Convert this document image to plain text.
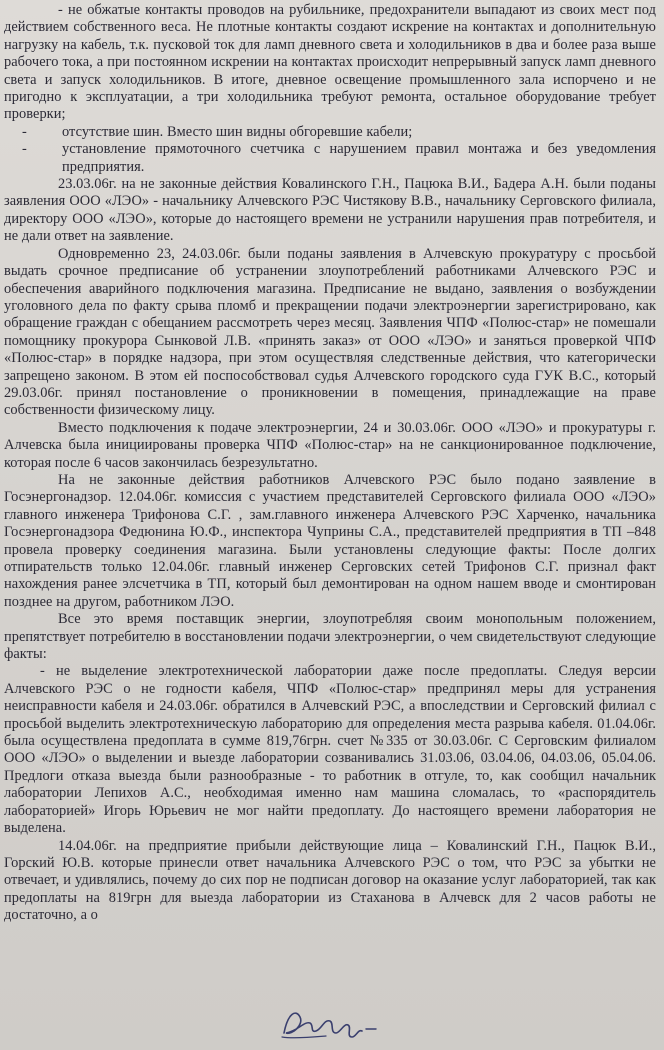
- не обжатые контакты проводов на рубильнике, предохранители выпадают из своих мест под действием собственного веса. Не плотные контакты создают искрение на контактах и дополнительную нагрузку на кабель, т.к. пусковой ток для ламп дневного света и холодильников в два и более раза выше рабочего тока, а при постоянном искрении на контактах происходит непрерывный запуск ламп дневного света и запуск холодильников. В итоге, дневное освещение промышленного зала испорчено и не пригодно к эксплуатации, а три холодильника требуют ремонта, остальное оборудование требует проверки;

- отсутствие шин. Вместо шин видны обгоревшие кабели;
- установление прямоточного счетчика с нарушением правил монтажа и без уведомления предприятия.

23.03.06г. на не законные действия Ковалинского Г.Н., Пацюка В.И., Бадера А.Н. были поданы заявления ООО «ЛЭО» - начальнику Алчевского РЭС Чистякову В.В., начальнику Серговского филиала, директору ООО «ЛЭО», которые до настоящего времени не устранили нарушения прав потребителя, и не дали ответ на заявление.

Одновременно 23, 24.03.06г. были поданы заявления в Алчевскую прокуратуру с просьбой выдать срочное предписание об устранении злоупотреблений работниками Алчевского РЭС и обеспечения аварийного подключения магазина. Предписание не выдано, заявления о возбуждении уголовного дела по факту срыва пломб и прекращении подачи электроэнергии зарегистрировано, как обращение граждан с обещанием рассмотреть через месяц. Заявления ЧПФ «Полюс-стар» не помешали помощнику прокурора Сынковой Л.В. «принять заказ» от ООО «ЛЭО» и заняться проверкой ЧПФ «Полюс-стар» в порядке надзора, при этом осуществляя следственные действия, что категорически запрещено законом. В этом ей поспособствовал судья Алчевского городского суда ГУК В.С., который 29.03.06г. принял постановление о проникновении в помещения, принадлежащие на праве собственности физическому лицу.

Вместо подключения к подаче электроэнергии, 24 и 30.03.06г. ООО «ЛЭО» и прокуратуры г. Алчевска была инициированы проверка ЧПФ «Полюс-стар» на не санкционированное подключение, которая после 6 часов закончилась безрезультатно.

На не законные действия работников Алчевского РЭС было подано заявление в Госэнергонадзор. 12.04.06г. комиссия с участием представителей Серговского филиала ООО «ЛЭО» главного инженера Трифонова С.Г. , зам.главного инженера Алчевского РЭС Харченко, начальника Госэнергонадзора Федюнина Ю.Ф., инспектора Чуприны С.А., представителей предприятия в ТП –848 провела проверку соединения магазина. Были установлены следующие факты: После долгих отпирательств только 12.04.06г. главный инженер Серговских сетей Трифонов С.Г. признал факт нахождения ранее элсчетчика в ТП, который был демонтирован на одном нашем вводе и смонтирован позднее на другом, работником ЛЭО.

Все это время поставщик энергии, злоупотребляя своим монопольным положением, препятствует потребителю в восстановлении подачи электроэнергии, о чем свидетельствуют следующие факты:

- не выделение электротехнической лаборатории даже после предоплаты. Следуя версии Алчевского РЭС о не годности кабеля, ЧПФ «Полюс-стар» предпринял меры для устранения неисправности кабеля и 24.03.06г. обратился в Алчевский РЭС, а впоследствии и Серговский филиал с просьбой выделить электротехническую лабораторию для определения места разрыва кабеля. 01.04.06г. была осуществлена предоплата в сумме 819,76грн. счет №335 от 30.03.06г. С Серговским филиалом ООО «ЛЭО» о выделении и выезде лаборатории созванивались 31.03.06, 03.04.06, 04.03.06, 05.04.06. Предлоги отказа выезда были разнообразные - то работник в отгуле, то, как сообщил начальник лаборатории Лепихов А.С., необходимая именно нам машина сломалась, то «распорядитель лабораторией» Игорь Юрьевич не мог найти предоплату. До настоящего времени лаборатория не выделена.

14.04.06г. на предприятие прибыли действующие лица – Ковалинский Г.Н., Пацюк В.И., Горский Ю.В. которые принесли ответ начальника Алчевского РЭС о том, что РЭС за убытки не отвечает, и удивлялись, почему до сих пор не подписан договор на оказание услуг лабораторией, так как предоплаты на 819грн для выезда лаборатории из Стаханова в Алчевск для 2 часов работы не достаточно, а о
